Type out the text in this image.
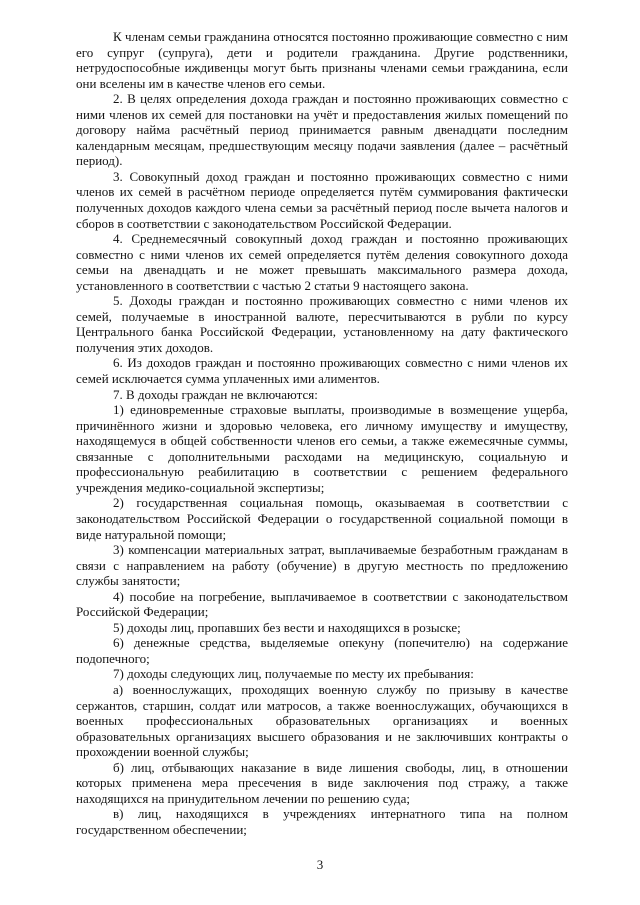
К членам семьи гражданина относятся постоянно проживающие совместно с ним его супруг (супруга), дети и родители гражданина. Другие родственники, нетрудоспособные иждивенцы могут быть признаны членами семьи гражданина, если они вселены им в качестве членов его семьи.

2. В целях определения дохода граждан и постоянно проживающих совместно с ними членов их семей для постановки на учёт и предоставления жилых помещений по договору найма расчётный период принимается равным двенадцати последним календарным месяцам, предшествующим месяцу подачи заявления (далее – расчётный период).

3. Совокупный доход граждан и постоянно проживающих совместно с ними членов их семей в расчётном периоде определяется путём суммирования фактически полученных доходов каждого члена семьи за расчётный период после вычета налогов и сборов в соответствии с законодательством Российской Федерации.

4. Среднемесячный совокупный доход граждан и постоянно проживающих совместно с ними членов их семей определяется путём деления совокупного дохода семьи на двенадцать и не может превышать максимального размера дохода, установленного в соответствии с частью 2 статьи 9 настоящего закона.

5. Доходы граждан и постоянно проживающих совместно с ними членов их семей, получаемые в иностранной валюте, пересчитываются в рубли по курсу Центрального банка Российской Федерации, установленному на дату фактического получения этих доходов.

6. Из доходов граждан и постоянно проживающих совместно с ними членов их семей исключается сумма уплаченных ими алиментов.

7. В доходы граждан не включаются:

1) единовременные страховые выплаты, производимые в возмещение ущерба, причинённого жизни и здоровью человека, его личному имуществу и имуществу, находящемуся в общей собственности членов его семьи, а также ежемесячные суммы, связанные с дополнительными расходами на медицинскую, социальную и профессиональную реабилитацию в соответствии с решением федерального учреждения медико-социальной экспертизы;

2) государственная социальная помощь, оказываемая в соответствии с законодательством Российской Федерации о государственной социальной помощи в виде натуральной помощи;

3) компенсации материальных затрат, выплачиваемые безработным гражданам в связи с направлением на работу (обучение) в другую местность по предложению службы занятости;

4) пособие на погребение, выплачиваемое в соответствии с законодательством Российской Федерации;

5) доходы лиц, пропавших без вести и находящихся в розыске;

6) денежные средства, выделяемые опекуну (попечителю) на содержание подопечного;

7) доходы следующих лиц, получаемые по месту их пребывания:

а) военнослужащих, проходящих военную службу по призыву в качестве сержантов, старшин, солдат или матросов, а также военнослужащих, обучающихся в военных профессиональных образовательных организациях и военных образовательных организациях высшего образования и не заключивших контракты о прохождении военной службы;

б) лиц, отбывающих наказание в виде лишения свободы, лиц, в отношении которых применена мера пресечения в виде заключения под стражу, а также находящихся на принудительном лечении по решению суда;

в) лиц, находящихся в учреждениях интернатного типа на полном государственном обеспечении;

3
